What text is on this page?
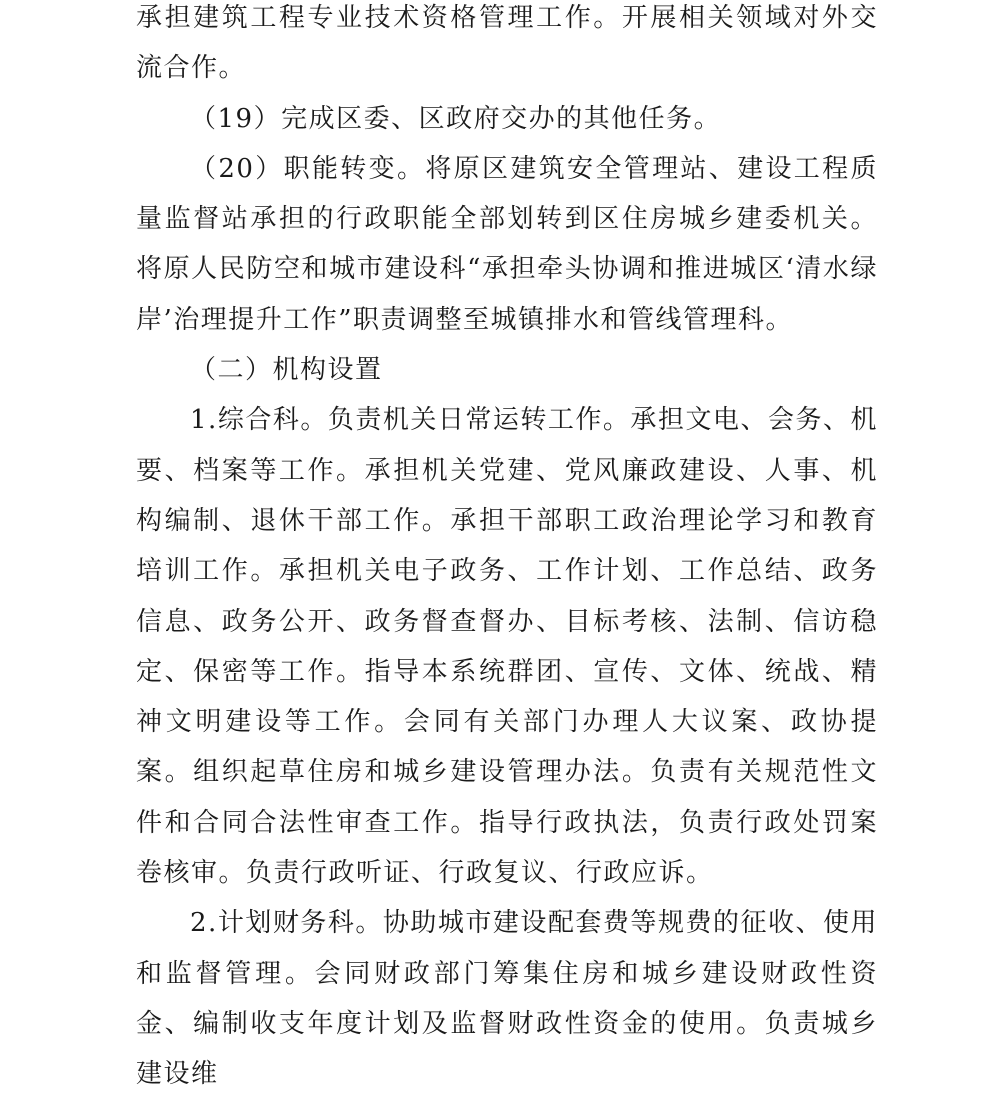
承担建筑工程专业技术资格管理工作。开展相关领域对外交流合作。

（19）完成区委、区政府交办的其他任务。

（20）职能转变。将原区建筑安全管理站、建设工程质量监督站承担的行政职能全部划转到区住房城乡建委机关。将原人民防空和城市建设科“承担牵头协调和推进城区‘清水绿岸’治理提升工作”职责调整至城镇排水和管线管理科。

（二）机构设置

1.综合科。负责机关日常运转工作。承担文电、会务、机要、档案等工作。承担机关党建、党风廉政建设、人事、机构编制、退休干部工作。承担干部职工政治理论学习和教育培训工作。承担机关电子政务、工作计划、工作总结、政务信息、政务公开、政务督查督办、目标考核、法制、信访稳定、保密等工作。指导本系统群团、宣传、文体、统战、精神文明建设等工作。会同有关部门办理人大议案、政协提案。组织起草住房和城乡建设管理办法。负责有关规范性文件和合同合法性审查工作。指导行政执法，负责行政处罚案卷核审。负责行政听证、行政复议、行政应诉。

2.计划财务科。协助城市建设配套费等规费的征收、使用和监督管理。会同财政部门筹集住房和城乡建设财政性资金、编制收支年度计划及监督财政性资金的使用。负责城乡建设维
